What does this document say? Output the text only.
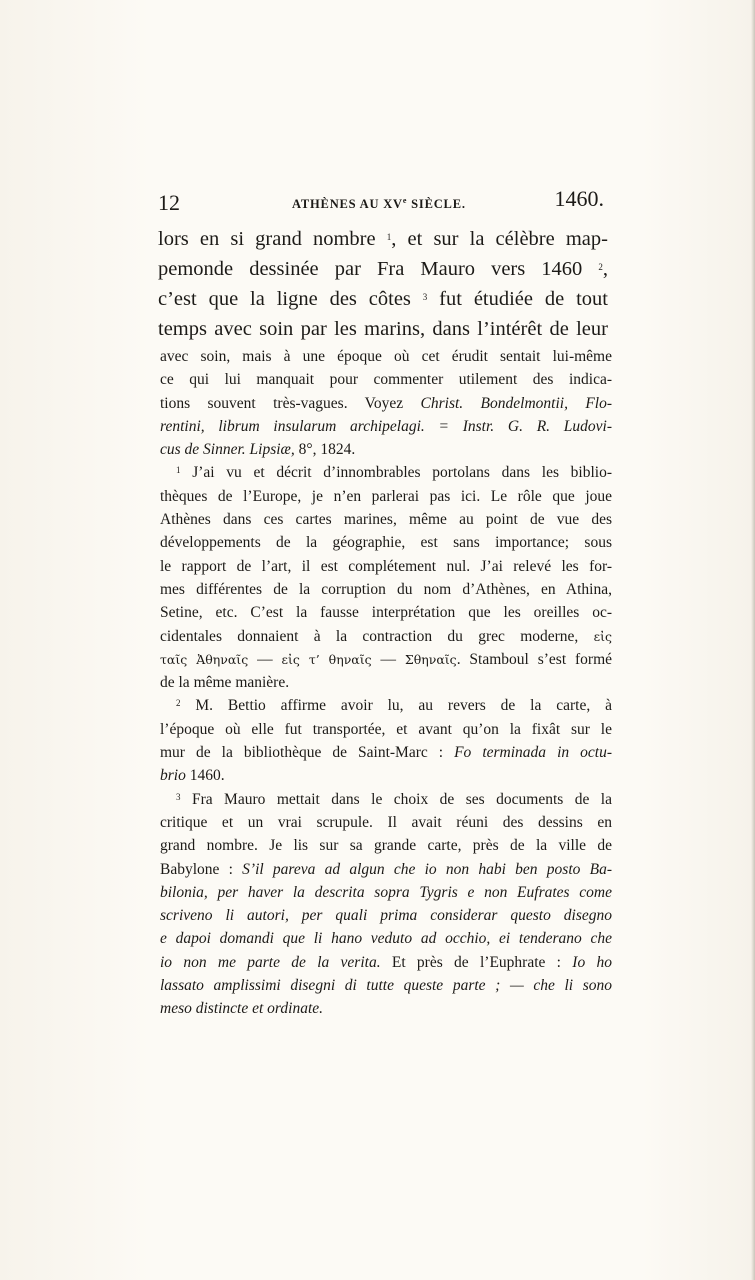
12	ATHÈNES AU XVe SIÈCLE.	1460.
lors en si grand nombre $^1$, et sur la célèbre map-
pemonde dessinée par Fra Mauro vers 1460 $^2$,
c’est que la ligne des côtes $^3$ fut étudiée de tout
temps avec soin par les marins, dans l’intérêt de leur

avec soin, mais à une époque où cet érudit sentait lui-même
ce qui lui manquait pour commenter utilement des indica-
tions souvent très-vagues. Voyez Christ. Bondelmontii, Flo-
rentini, librum insularum archipelagi. = Instr. G. R. Ludovi-
cus de Sinner. Lipsiæ, 8°, 1824.

$^1$ J’ai vu et décrit d’innombrables portolans dans les biblio-
thèques de l’Europe, je n’en parlerai pas ici. Le rôle que joue
Athènes dans ces cartes marines, même au point de vue des
développements de la géographie, est sans importance; sous
le rapport de l’art, il est complétement nul. J’ai relevé les for-
mes différentes de la corruption du nom d’Athènes, en Athina,
Setine, etc. C’est la fausse interprétation que les oreilles oc-
cidentales donnaient à la contraction du grec moderne, εἰς
ταῖς Ἀθηναῖς — εἰς τ’ θηναῖς — Σθηναῖς. Stamboul s’est formé
de la même manière.

$^2$ M. Bettio affirme avoir lu, au revers de la carte, à
l’époque où elle fut transportée, et avant qu’on la fixât sur le
mur de la bibliothèque de Saint-Marc : Fo terminada in octu-
brio 1460.

$^3$ Fra Mauro mettait dans le choix de ses documents de la
critique et un vrai scrupule. Il avait réuni des dessins en
grand nombre. Je lis sur sa grande carte, près de la ville de
Babylone : S’il pareva ad algun che io non habi ben posto Ba-
bilonia, per haver la descrita sopra Tygris e non Eufrates come
scriveno li autori, per quali prima considerar questo disegno
e dapoi domandi que li hano veduto ad occhio, ei tenderano che
io non me parte de la verita. Et près de l’Euphrate : Io ho
lassato amplissimi disegni di tutte queste parte ; — che li sono
meso distincte et ordinate.
